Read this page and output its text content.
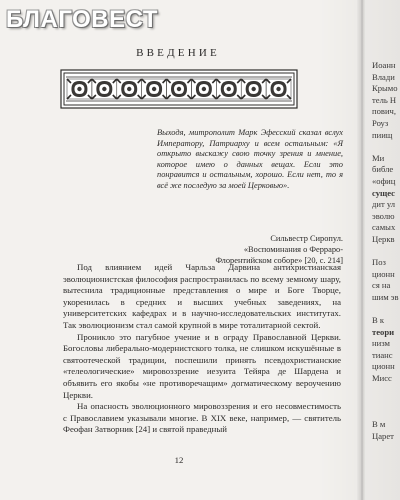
БЛАГОВЕСТ
ВВЕДЕНИЕ
Выходя, митрополит Марк Эфесский сказал вслух Императору, Патриарху и всем остальным: «Я открыто выскажу свою точку зрения и мнение, которое имею о данных вещах. Если это понравится и остальным, хорошо. Если нет, то я всё же последую за моей Церковью».
Сильвестр Сиропул.
«Воспоминания о Ферраро-
Флорентийском соборе» [20, с. 214]

Под влиянием идей Чарльза Дарвина антихристианская эволюционистская философия распространилась по всему земному шару, вытеснила традиционные представления о мире и Боге Творце, укоренилась в средних и высших учебных заведениях, на университетских кафедрах и в научно-исследовательских институтах. Так эволюционизм стал самой крупной в мире тоталитарной сектой.

Проникло это пагубное учение и в ограду Православной Церкви. Богословы либерально-модернистского толка, не слишком искушённые в святоотеческой традиции, поспешили принять псевдохристианские «телеологические» мировоззрение иезуита Тейяра де Шардена и объявить его якобы «не противоречащим» догматическому вероучению Церкви.

На опасность эволюционного мировоззрения и его несовместимость с Православием указывали многие. В XIX веке, например, — святитель Феофан Затворник [24] и святой праведный

12
Иоанн
Влади
Крымо
тель Н
пович,
Роуз
пиищ
Ми
библе
«офиц
сущес
дит ул
эволю
самых
Церкв
Поз
ционн
ся на
шим эв
В к
теори
низм
тианс
ционн
Мисс
В м
Царет
